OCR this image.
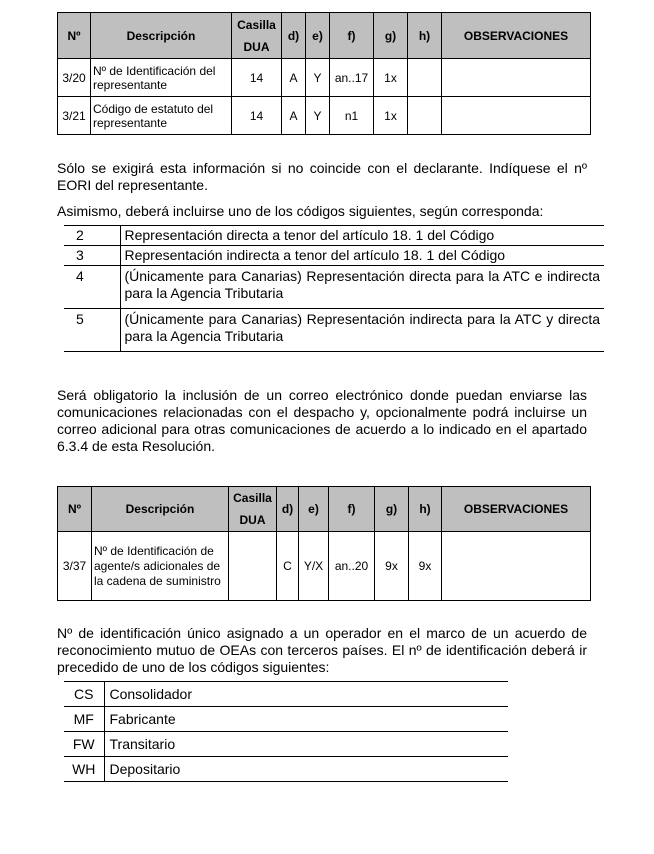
Nº	Descripción	Casilla DUA	d)	e)	f)	g)	h)	OBSERVACIONES
3/20	Nº de Identificación del representante	14	A	Y	an..17	1x		
3/21	Código de estatuto del representante	14	A	Y	n1	1x		

Sólo se exigirá esta información si no coincide con el declarante. Indíquese el nº EORI del representante.

Asimismo, deberá incluirse uno de los códigos siguientes, según corresponda:

2	Representación directa a tenor del artículo 18. 1 del Código
3	Representación indirecta a tenor del artículo 18. 1 del Código
4	(Únicamente para Canarias) Representación directa para la ATC e indirecta para la Agencia Tributaria
5	(Únicamente para Canarias) Representación indirecta para la ATC y directa para la Agencia Tributaria

Será obligatorio la inclusión de un correo electrónico donde puedan enviarse las comunicaciones relacionadas con el despacho y, opcionalmente podrá incluirse un correo adicional para otras comunicaciones de acuerdo a lo indicado en el apartado 6.3.4 de esta Resolución.

Nº	Descripción	Casilla DUA	d)	e)	f)	g)	h)	OBSERVACIONES
3/37	Nº de Identificación de agente/s adicionales de la cadena de suministro		C	Y/X	an..20	9x	9x	

Nº de identificación único asignado a un operador en el marco de un acuerdo de reconocimiento mutuo de OEAs con terceros países. El nº de identificación deberá ir precedido de uno de los códigos siguientes:

CS	Consolidador
MF	Fabricante
FW	Transitario
WH	Depositario
